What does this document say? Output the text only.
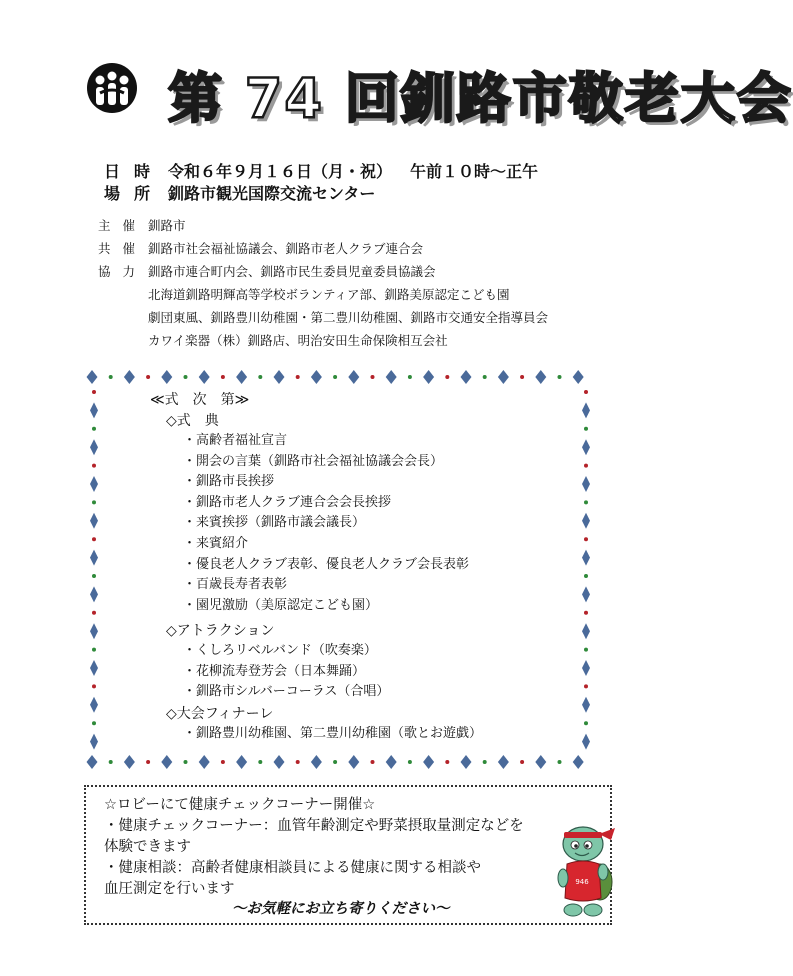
第 74 回釧路市敬老大会
日時 令和６年９月１６日（月・祝） 午前１０時～正午
場所 釧路市観光国際交流センター
主催釧路市
共催釧路市社会福祉協議会、釧路市老人クラブ連合会
協力釧路市連合町内会、釧路市民生委員児童委員協議会
北海道釧路明輝高等学校ボランティア部、釧路美原認定こども園
劇団東風、釧路豊川幼稚園・第二豊川幼稚園、釧路市交通安全指導員会
カワイ楽器（株）釧路店、明治安田生命保険相互会社
≪式　次　第≫
◇式　典
・高齢者福祉宣言
・開会の言葉（釧路市社会福祉協議会会長）
・釧路市長挨拶
・釧路市老人クラブ連合会会長挨拶
・来賓挨拶（釧路市議会議長）
・来賓紹介
・優良老人クラブ表彰、優良老人クラブ会長表彰
・百歳長寿者表彰
・園児激励（美原認定こども園）
◇アトラクション
・くしろリベルバンド（吹奏楽）
・花柳流寿登芳会（日本舞踊）
・釧路市シルバーコーラス（合唱）
◇大会フィナーレ
・釧路豊川幼稚園、第二豊川幼稚園（歌とお遊戯）
☆ロビーにて健康チェックコーナー開催☆
・健康チェックコーナー：血管年齢測定や野菜摂取量測定などを
体験できます
・健康相談：高齢者健康相談員による健康に関する相談や
血圧測定を行います
～お気軽にお立ち寄りください～
946
